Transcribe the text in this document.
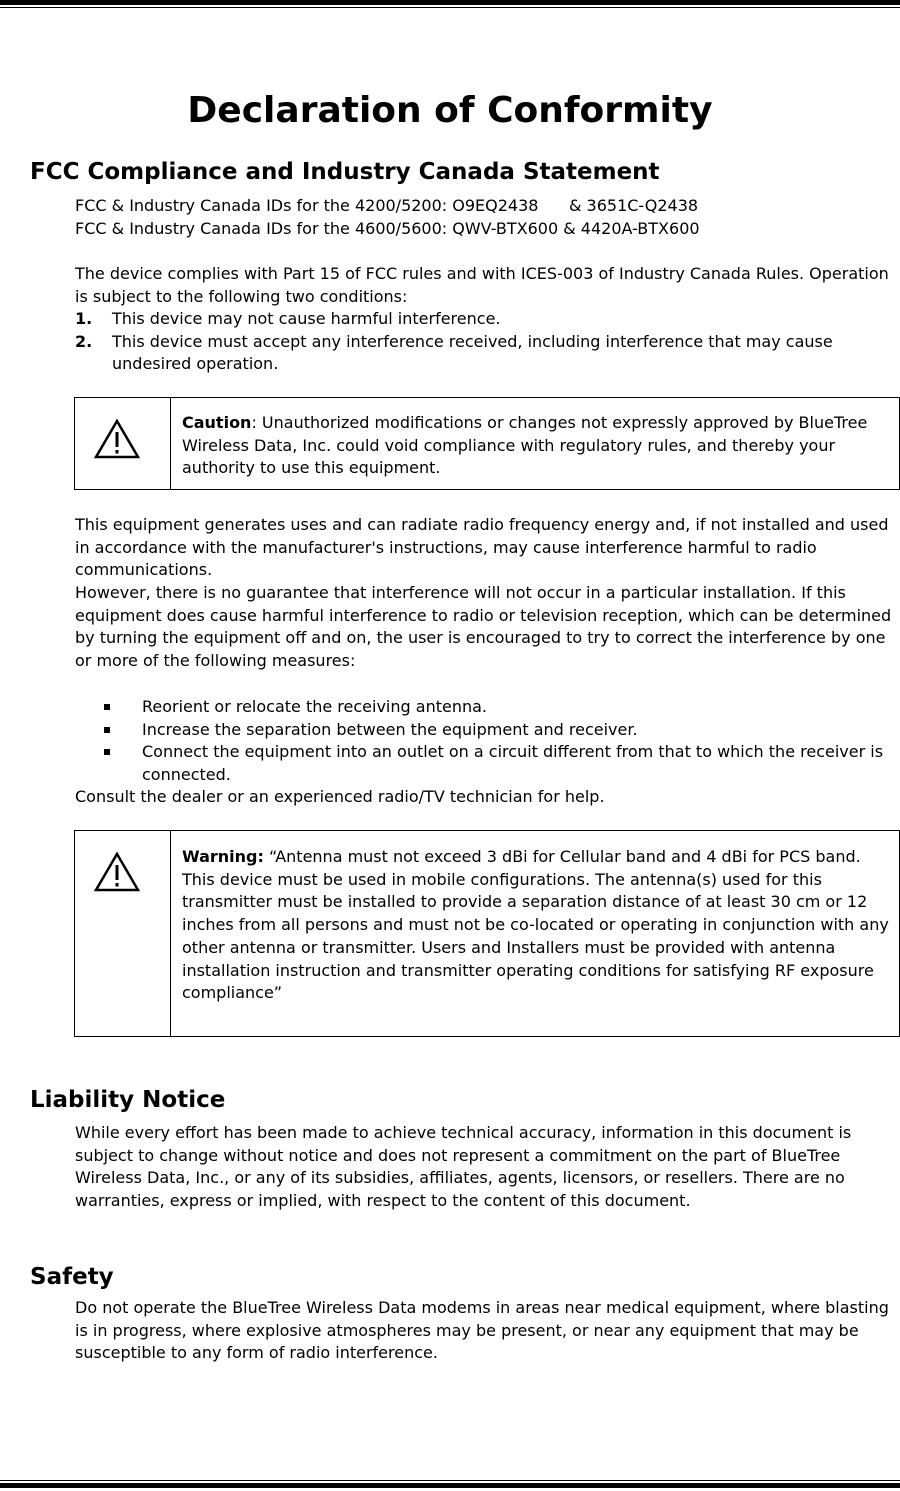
Declaration of Conformity
FCC Compliance and Industry Canada Statement
FCC & Industry Canada IDs for the 4200/5200: O9EQ2438      & 3651C-Q2438
FCC & Industry Canada IDs for the 4600/5600: QWV-BTX600 & 4420A-BTX600

The device complies with Part 15 of FCC rules and with ICES-003 of Industry Canada Rules. Operation is subject to the following two conditions:

1. This device may not cause harmful interference.
2. This device must accept any interference received, including interference that may cause undesired operation.
Caution: Unauthorized modifications or changes not expressly approved by BlueTree Wireless Data, Inc. could void compliance with regulatory rules, and thereby your authority to use this equipment.

This equipment generates uses and can radiate radio frequency energy and, if not installed and used in accordance with the manufacturer's instructions, may cause interference harmful to radio communications.

However, there is no guarantee that interference will not occur in a particular installation. If this equipment does cause harmful interference to radio or television reception, which can be determined by turning the equipment off and on, the user is encouraged to try to correct the interference by one or more of the following measures:

Reorient or relocate the receiving antenna.
Increase the separation between the equipment and receiver.
Connect the equipment into an outlet on a circuit different from that to which the receiver is connected.

Consult the dealer or an experienced radio/TV technician for help.

Warning: “Antenna must not exceed 3 dBi for Cellular band and 4 dBi for PCS band. This device must be used in mobile configurations. The antenna(s) used for this transmitter must be installed to provide a separation distance of at least 30 cm or 12 inches from all persons and must not be co-located or operating in conjunction with any other antenna or transmitter. Users and Installers must be provided with antenna installation instruction and transmitter operating conditions for satisfying RF exposure compliance”
Liability Notice

While every effort has been made to achieve technical accuracy, information in this document is subject to change without notice and does not represent a commitment on the part of BlueTree Wireless Data, Inc., or any of its subsidies, affiliates, agents, licensors, or resellers. There are no warranties, express or implied, with respect to the content of this document.

Safety

Do not operate the BlueTree Wireless Data modems in areas near medical equipment, where blasting is in progress, where explosive atmospheres may be present, or near any equipment that may be susceptible to any form of radio interference.
